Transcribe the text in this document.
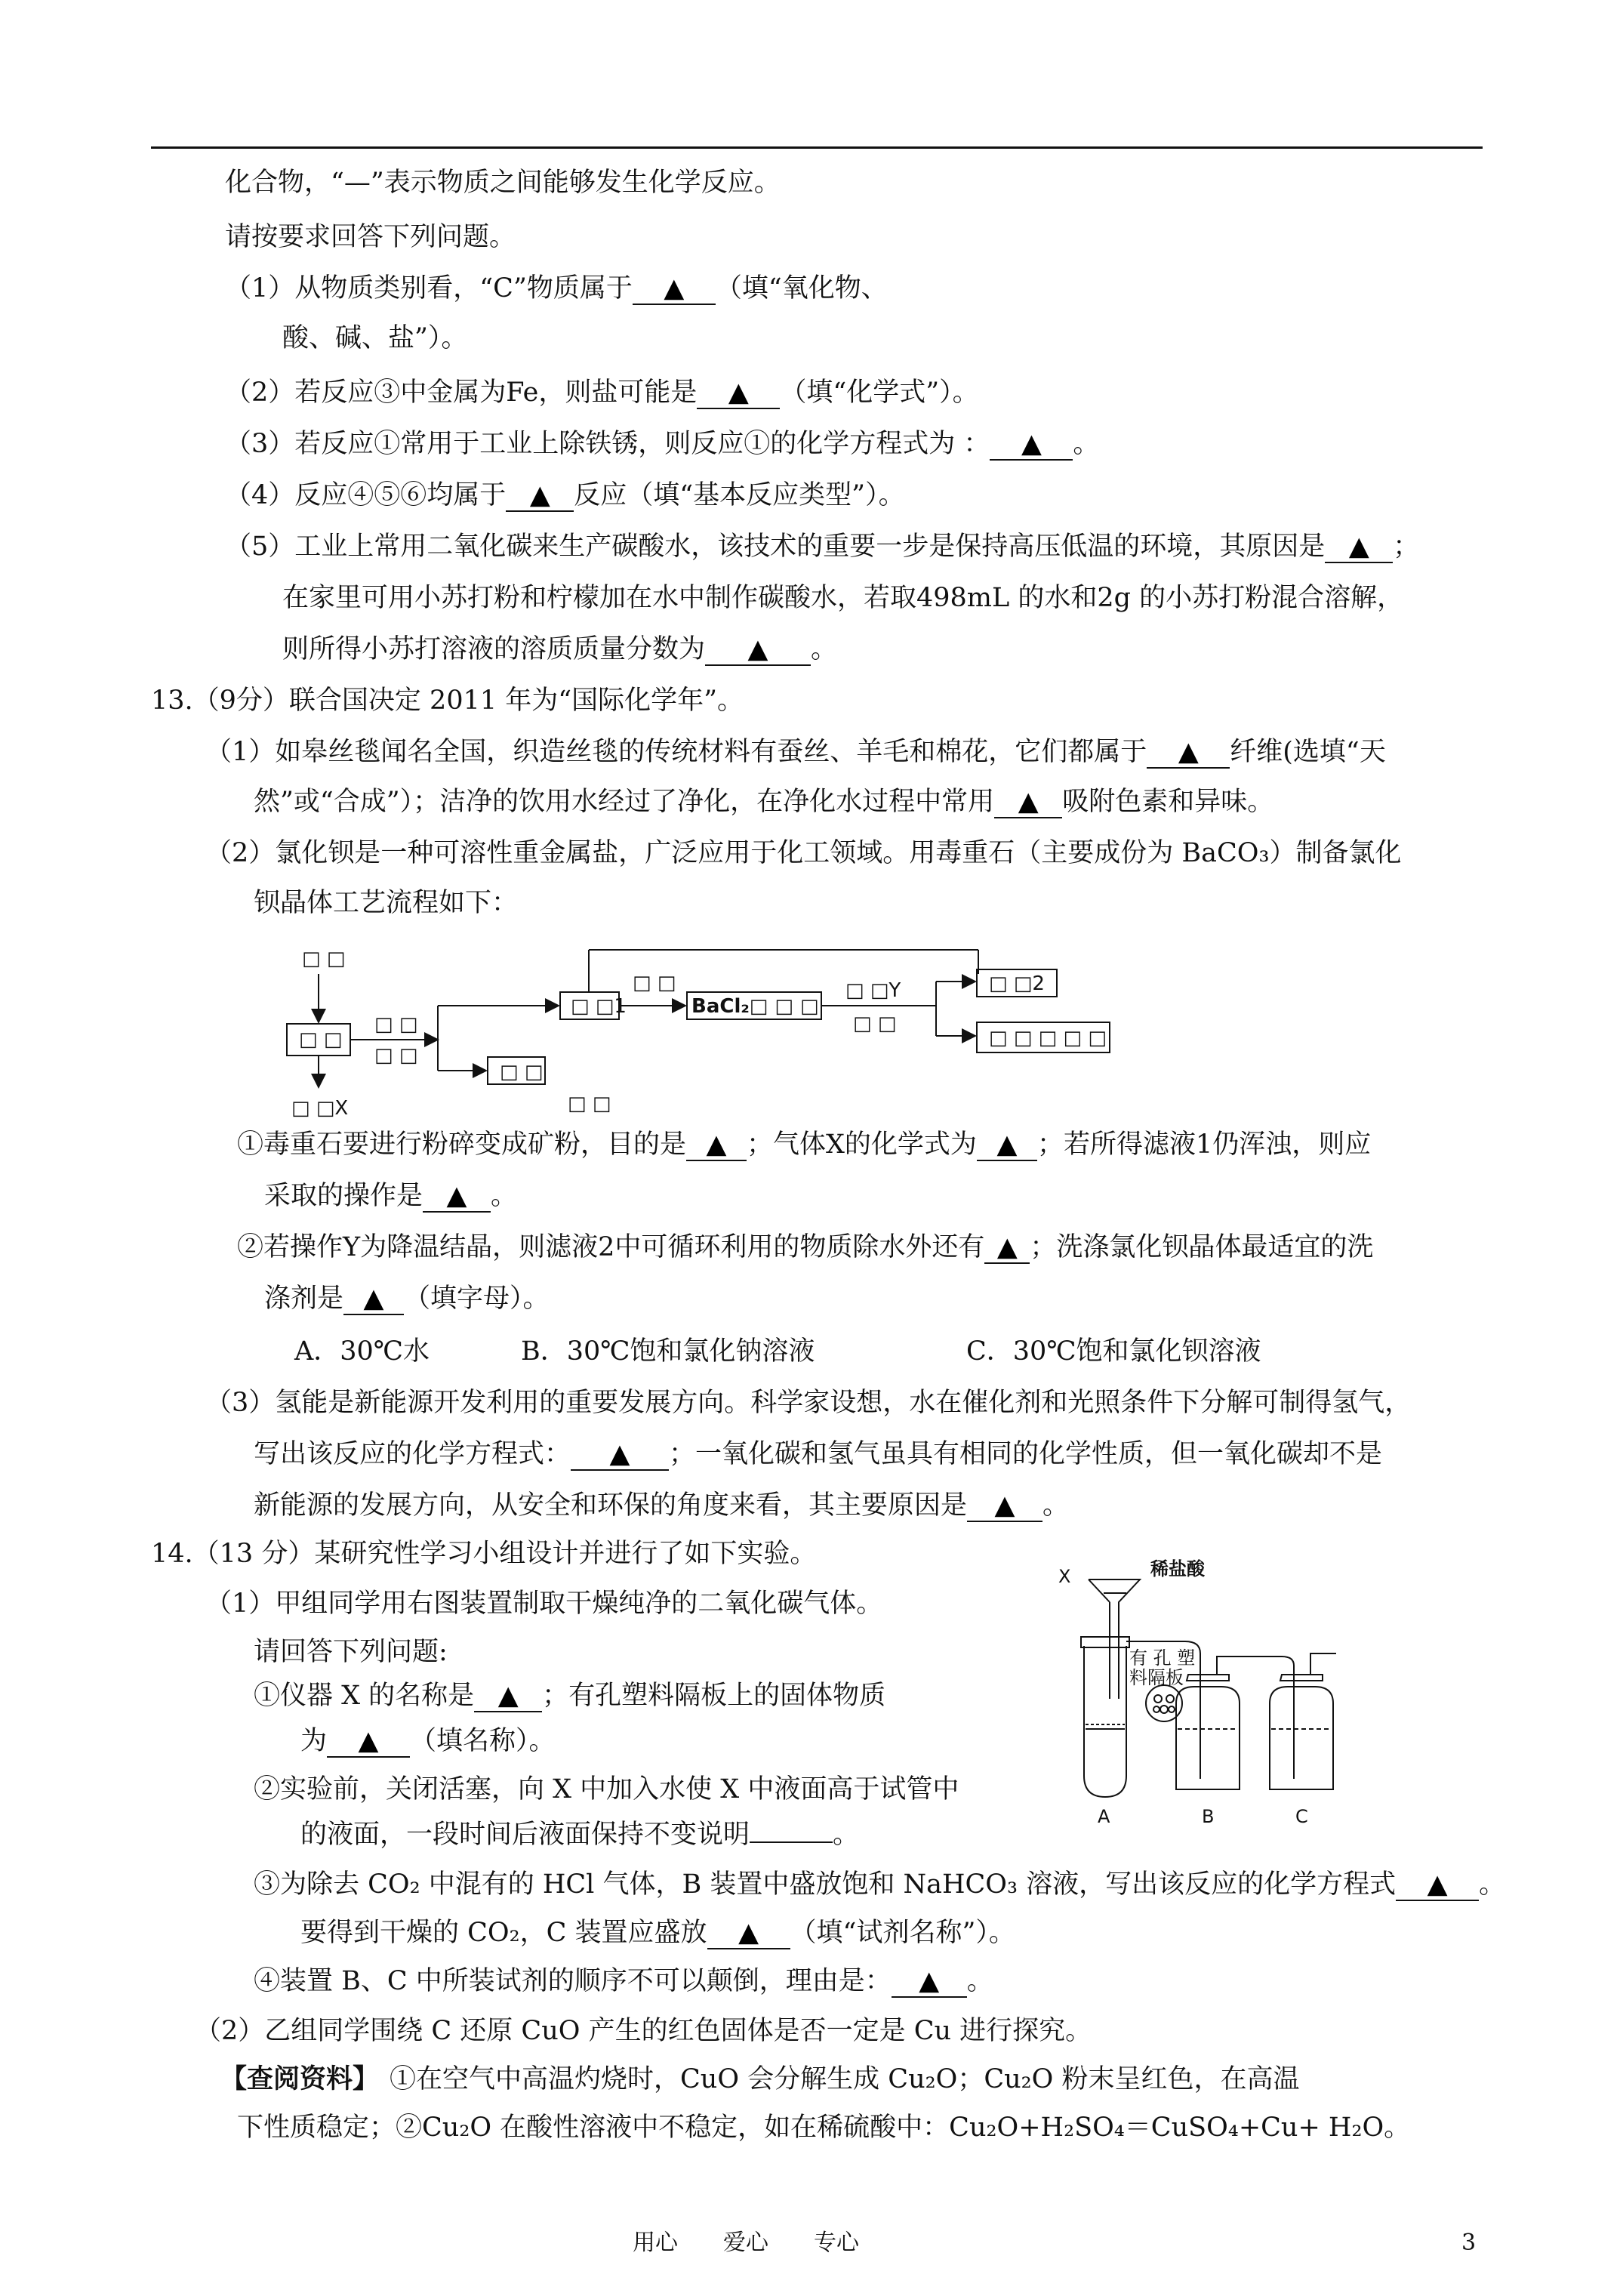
化合物，“—”表示物质之间能够发生化学反应。
请按要求回答下列问题。
（1）从物质类别看，“C”物质属于 ▲ （填“氧化物、
酸、碱、盐”）。
（2）若反应③中金属为Fe，则盐可能是 ▲ （填“化学式”）。
（3）若反应①常用于工业上除铁锈，则反应①的化学方程式为 ： ▲ 。
（4）反应④⑤⑥均属于 ▲ 反应（填“基本反应类型”）。
（5）工业上常用二氧化碳来生产碳酸水，该技术的重要一步是保持高压低温的环境，其原因是 ▲ ；
在家里可用小苏打粉和柠檬加在水中制作碳酸水，若取498mL 的水和2g 的小苏打粉混合溶解，
则所得小苏打溶液的溶质质量分数为 ▲ 。
13.（9分）联合国决定 2011 年为“国际化学年”。
（1）如皋丝毯闻名全国，织造丝毯的传统材料有蚕丝、羊毛和棉花，它们都属于 ▲ 纤维(选填“天
然”或“合成”）；洁净的饮用水经过了净化，在净化水过程中常用 ▲ 吸附色素和异味。
（2）氯化钡是一种可溶性重金属盐，广泛应用于化工领域。用毒重石（主要成份为 BaCO₃）制备氯化
钡晶体工艺流程如下：
□ □
□ □
□ □X
□ □
□ □
□ □1
□ □
□ □
□ □
BaCl₂□ □ □
□ □Y
□ □
□ □2
□ □ □ □ □
①毒重石要进行粉碎变成矿粉，目的是 ▲ ；气体X的化学式为 ▲ ；若所得滤液1仍浑浊，则应
采取的操作是 ▲ 。
②若操作Y为降温结晶，则滤液2中可循环利用的物质除水外还有 ▲ ；洗涤氯化钡晶体最适宜的洗
涤剂是 ▲ （填字母）。
A．30℃水	B．30℃饱和氯化钠溶液	C．30℃饱和氯化钡溶液
（3）氢能是新能源开发利用的重要发展方向。科学家设想，水在催化剂和光照条件下分解可制得氢气，
写出该反应的化学方程式： ▲ ；一氧化碳和氢气虽具有相同的化学性质，但一氧化碳却不是
新能源的发展方向，从安全和环保的角度来看，其主要原因是 ▲ 。
14.（13 分）某研究性学习小组设计并进行了如下实验。
（1）甲组同学用右图装置制取干燥纯净的二氧化碳气体。
请回答下列问题:
①仪器 X 的名称是 ▲ ；有孔塑料隔板上的固体物质
为 ▲ （填名称）。
②实验前，关闭活塞，向 X 中加入水使 X 中液面高于试管中
的液面，一段时间后液面保持不变说明	。
③为除去 CO₂ 中混有的 HCl 气体，B 装置中盛放饱和 NaHCO₃ 溶液，写出该反应的化学方程式 ▲ 。
要得到干燥的 CO₂，C 装置应盛放 ▲ （填“试剂名称”）。
④装置 B、C 中所装试剂的顺序不可以颠倒，理由是： ▲ 。
（2）乙组同学围绕 C 还原 CuO 产生的红色固体是否一定是 Cu 进行探究。
【查阅资料】 ①在空气中高温灼烧时，CuO 会分解生成 Cu₂O；Cu₂O 粉末呈红色，在高温
下性质稳定；②Cu₂O 在酸性溶液中不稳定，如在稀硫酸中：Cu₂O+H₂SO₄＝CuSO₄+Cu+ H₂O。
X	稀盐酸
有 孔 塑
料隔板
A	B	C
用心　　爱心　　专心	3
